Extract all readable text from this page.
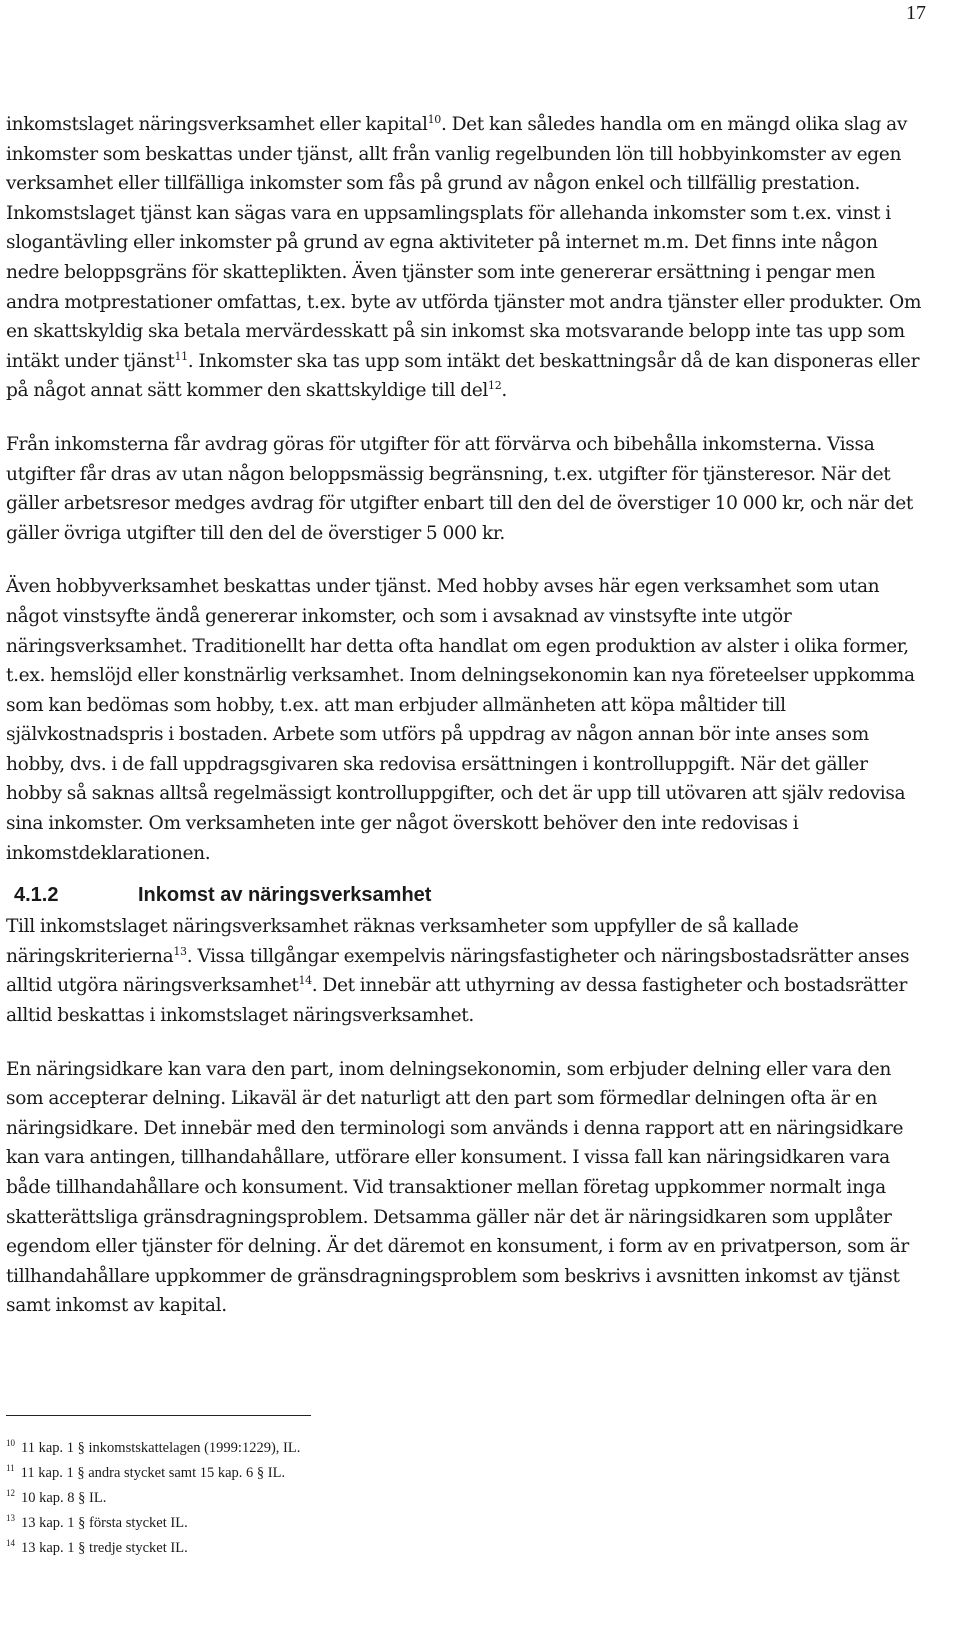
17

inkomstslaget näringsverksamhet eller kapital$^{10}$. Det kan således handla om en mängd olika slag av inkomster som beskattas under tjänst, allt från vanlig regelbunden lön till hobbyinkomster av egen verksamhet eller tillfälliga inkomster som fås på grund av någon enkel och tillfällig prestation. Inkomstslaget tjänst kan sägas vara en uppsamlingsplats för allehanda inkomster som t.ex. vinst i slogantävling eller inkomster på grund av egna aktiviteter på internet m.m. Det finns inte någon nedre beloppsgräns för skatteplikten. Även tjänster som inte genererar ersättning i pengar men andra motprestationer omfattas, t.ex. byte av utförda tjänster mot andra tjänster eller produkter. Om en skattskyldig ska betala mervärdesskatt på sin inkomst ska motsvarande belopp inte tas upp som intäkt under tjänst$^{11}$. Inkomster ska tas upp som intäkt det beskattningsår då de kan disponeras eller på något annat sätt kommer den skattskyldige till del$^{12}$.

Från inkomsterna får avdrag göras för utgifter för att förvärva och bibehålla inkomsterna. Vissa utgifter får dras av utan någon beloppsmässig begränsning, t.ex. utgifter för tjänsteresor. När det gäller arbetsresor medges avdrag för utgifter enbart till den del de överstiger 10 000 kr, och när det gäller övriga utgifter till den del de överstiger 5 000 kr.

Även hobbyverksamhet beskattas under tjänst. Med hobby avses här egen verksamhet som utan något vinstsyfte ändå genererar inkomster, och som i avsaknad av vinstsyfte inte utgör näringsverksamhet. Traditionellt har detta ofta handlat om egen produktion av alster i olika former, t.ex. hemslöjd eller konstnärlig verksamhet. Inom delningsekonomin kan nya företeelser uppkomma som kan bedömas som hobby, t.ex. att man erbjuder allmänheten att köpa måltider till självkostnadspris i bostaden. Arbete som utförs på uppdrag av någon annan bör inte anses som hobby, dvs. i de fall uppdragsgivaren ska redovisa ersättningen i kontrolluppgift. När det gäller hobby så saknas alltså regelmässigt kontrolluppgifter, och det är upp till utövaren att själv redovisa sina inkomster. Om verksamheten inte ger något överskott behöver den inte redovisas i inkomstdeklarationen.

4.1.2	Inkomst av näringsverksamhet

Till inkomstslaget näringsverksamhet räknas verksamheter som uppfyller de så kallade näringskriterierna$^{13}$. Vissa tillgångar exempelvis näringsfastigheter och näringsbostadsrätter anses alltid utgöra näringsverksamhet$^{14}$. Det innebär att uthyrning av dessa fastigheter och bostadsrätter alltid beskattas i inkomstslaget näringsverksamhet.

En näringsidkare kan vara den part, inom delningsekonomin, som erbjuder delning eller vara den som accepterar delning. Likaväl är det naturligt att den part som förmedlar delningen ofta är en näringsidkare. Det innebär med den terminologi som används i denna rapport att en näringsidkare kan vara antingen, tillhandahållare, utförare eller konsument. I vissa fall kan näringsidkaren vara både tillhandahållare och konsument. Vid transaktioner mellan företag uppkommer normalt inga skatterättsliga gränsdragningsproblem. Detsamma gäller när det är näringsidkaren som upplåter egendom eller tjänster för delning. Är det däremot en konsument, i form av en privatperson, som är tillhandahållare uppkommer de gränsdragningsproblem som beskrivs i avsnitten inkomst av tjänst samt inkomst av kapital.

$^{10}$ 11 kap. 1 § inkomstskattelagen (1999:1229), IL.
$^{11}$ 11 kap. 1 § andra stycket samt 15 kap. 6 § IL.
$^{12}$ 10 kap. 8 § IL.
$^{13}$ 13 kap. 1 § första stycket IL.
$^{14}$ 13 kap. 1 § tredje stycket IL.
